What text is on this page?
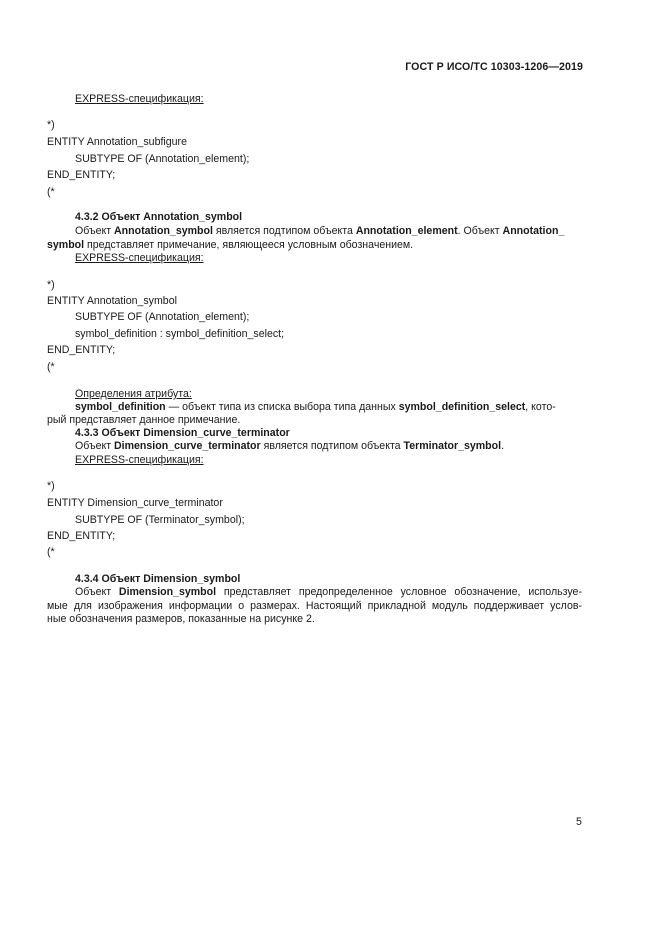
ГОСТ Р ИСО/ТС 10303-1206—2019
EXPRESS-спецификация:
*)
ENTITY Annotation_subfigure
SUBTYPE OF (Annotation_element);
END_ENTITY;
(*
4.3.2 Объект Annotation_symbol
Объект Annotation_symbol является подтипом объекта Annotation_element. Объект Annotation_
symbol представляет примечание, являющееся условным обозначением.
EXPRESS-спецификация:
*)
ENTITY Annotation_symbol
SUBTYPE OF (Annotation_element);
symbol_definition : symbol_definition_select;
END_ENTITY;
(*
Определения атрибута:
symbol_definition — объект типа из списка выбора типа данных symbol_definition_select, кото-
рый представляет данное примечание.
4.3.3 Объект Dimension_curve_terminator
Объект Dimension_curve_terminator является подтипом объекта Terminator_symbol.
EXPRESS-спецификация:
*)
ENTITY Dimension_curve_terminator
SUBTYPE OF (Terminator_symbol);
END_ENTITY;
(*
4.3.4 Объект Dimension_symbol
Объект Dimension_symbol представляет предопределенное условное обозначение, используе-
мые для изображения информации о размерах. Настоящий прикладной модуль поддерживает услов-
ные обозначения размеров, показанные на рисунке 2.
5
